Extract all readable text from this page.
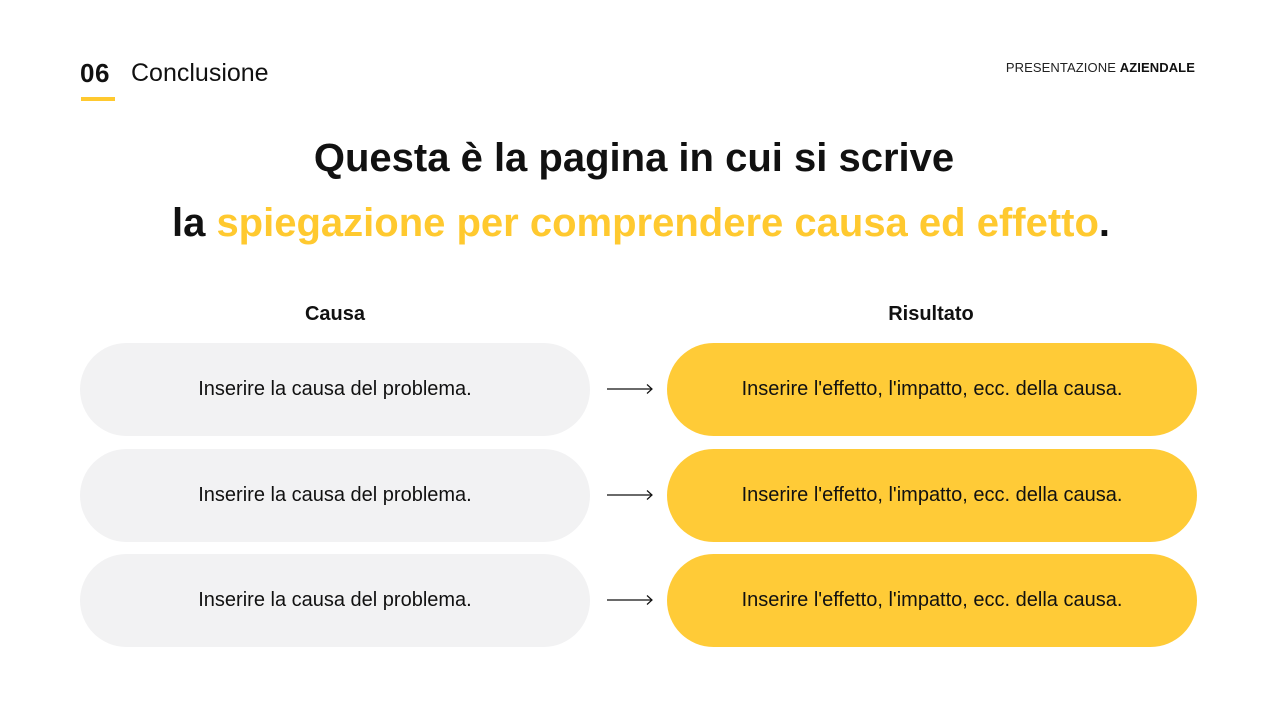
06 Conclusione	PRESENTAZIONE AZIENDALE
Questa è la pagina in cui si scrive
la spiegazione per comprendere causa ed effetto.
Causa	Risultato
Inserire la causa del problema.	Inserire l'effetto, l'impatto, ecc. della causa.
Inserire la causa del problema.	Inserire l'effetto, l'impatto, ecc. della causa.
Inserire la causa del problema.	Inserire l'effetto, l'impatto, ecc. della causa.
